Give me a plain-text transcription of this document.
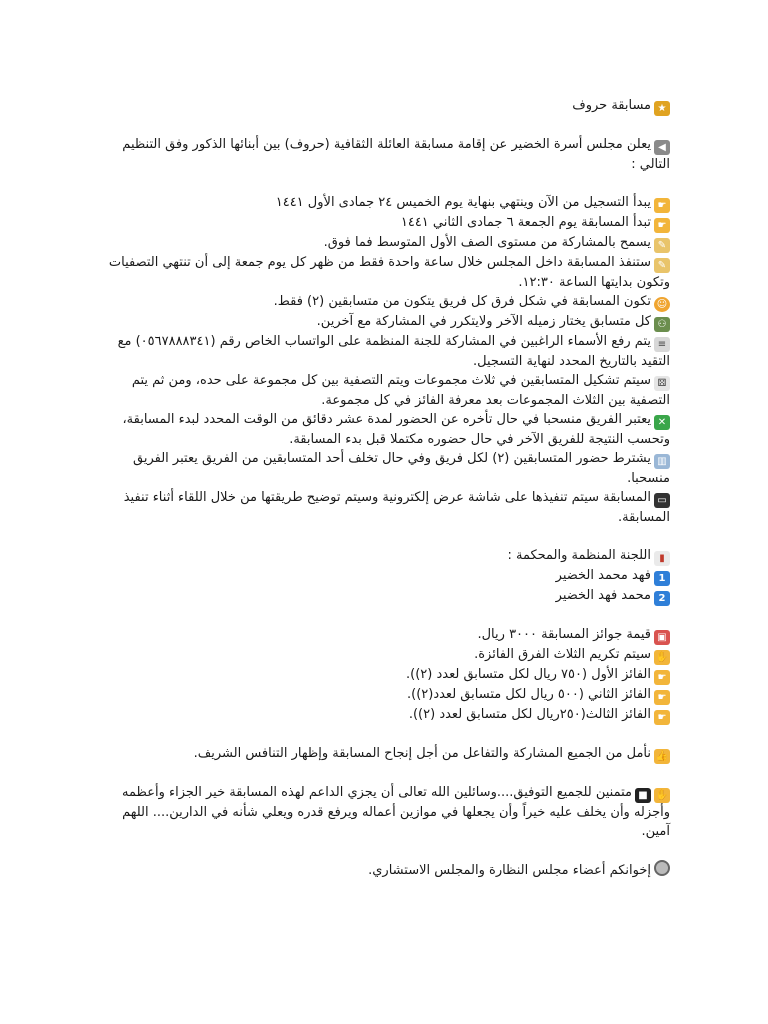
★مسابقة حروف

◀يعلن مجلس أسرة الخضير عن إقامة مسابقة العائلة الثقافية (حروف) بين أبنائها الذكور وفق التنظيم التالي :

☛يبدأ التسجيل من الآن وينتهي بنهاية يوم الخميس ٢٤ جمادى الأول ١٤٤١

☛تبدأ المسابقة يوم الجمعة ٦ جمادى الثاني ١٤٤١

✎يسمح بالمشاركة من مستوى الصف الأول المتوسط فما فوق.

✎ستنفذ المسابقة داخل المجلس خلال ساعة واحدة فقط من ظهر كل يوم جمعة إلى أن تنتهي التصفيات وتكون بدايتها الساعة ١٢:٣٠.

☺تكون المسابقة في شكل فرق كل فريق يتكون من متسابقين (٢) فقط.

⚇كل متسابق يختار زميله الآخر ولايتكرر في المشاركة مع آخرين.

≡يتم رفع الأسماء الراغبين في المشاركة للجنة المنظمة على الواتساب الخاص رقم (٠٥٦٧٨٨٨٣٤١) مع التقيد بالتاريخ المحدد لنهاية التسجيل.

⚄سيتم تشكيل المتسابقين في ثلاث مجموعات ويتم التصفية بين كل مجموعة على حده، ومن ثم يتم التصفية بين الثلاث المجموعات بعد معرفة الفائز في كل مجموعة.

✕يعتبر الفريق منسحبا في حال تأخره عن الحضور لمدة عشر دقائق من الوقت المحدد لبدء المسابقة، وتحسب النتيجة للفريق الآخر في حال حضوره مكتملا قبل بدء المسابقة.

▥يشترط حضور المتسابقين (٢) لكل فريق وفي حال تخلف أحد المتسابقين من الفريق يعتبر الفريق منسحبا.

▭المسابقة سيتم تنفيذها على شاشة عرض إلكترونية وسيتم توضيح طريقتها من خلال اللقاء أثناء تنفيذ المسابقة.

▮اللجنة المنظمة والمحكمة :

1فهد محمد الخضير

2محمد فهد الخضير

▣قيمة جوائز المسابقة ٣٠٠٠ ريال.

✋سيتم تكريم الثلاث الفرق الفائزة.

☛الفائز الأول (٧٥٠ ريال لكل متسابق لعدد (٢)).

☛الفائز الثاني (٥٠٠ ريال لكل متسابق لعدد(٢)).

☛الفائز الثالث(٢٥٠ريال لكل متسابق لعدد (٢)).

👍نأمل من الجميع المشاركة والتفاعل من أجل إنجاح المسابقة وإظهار التنافس الشريف.

✋■متمنين للجميع التوفيق....وسائلين الله تعالى أن يجزي الداعم لهذه المسابقة خير الجزاء وأعظمه وأجزله وأن يخلف عليه خيراً وأن يجعلها في موازين أعماله ويرفع قدره ويعلي شأنه في الدارين.... اللهم آمين.

إخوانكم أعضاء مجلس النظارة والمجلس الاستشاري.
